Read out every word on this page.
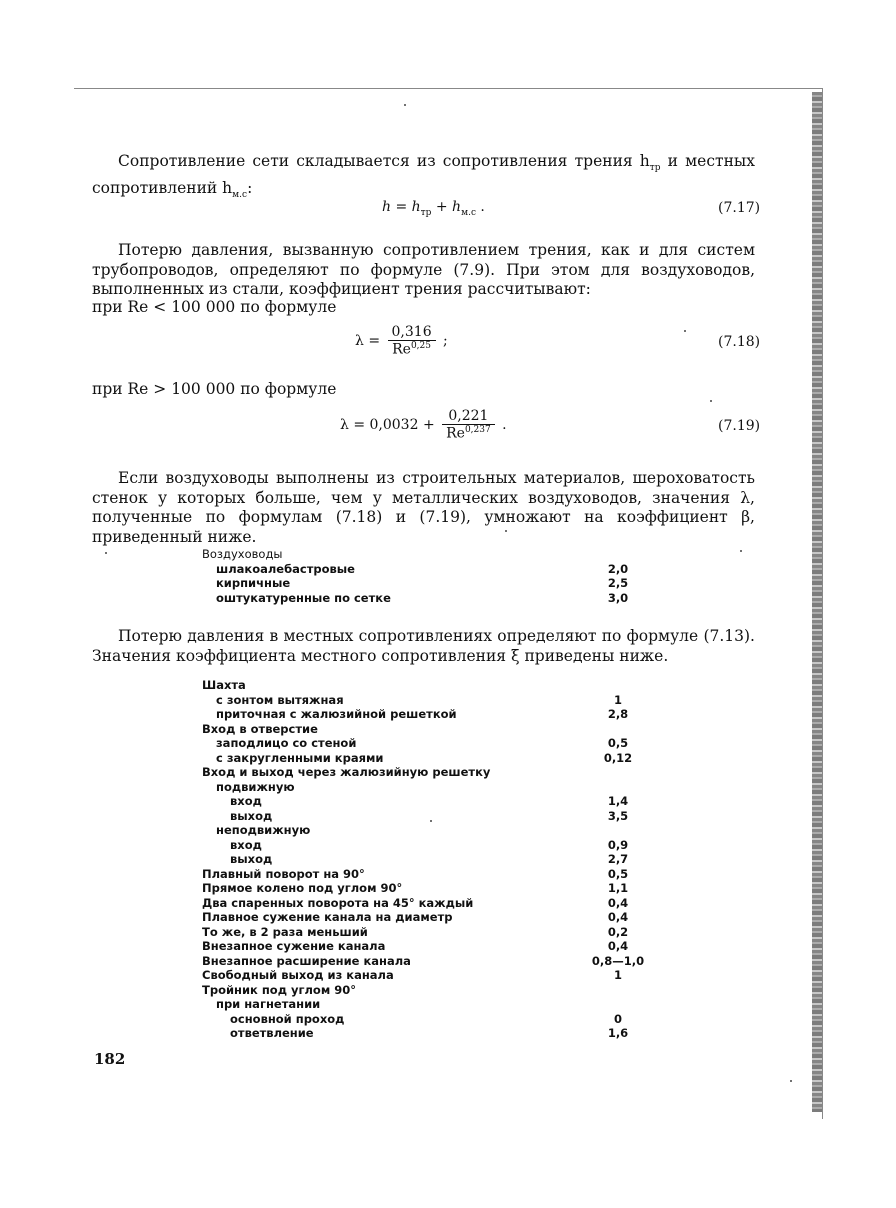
Сопротивление сети складывается из сопротивления трения $h_{тр}$ и местных сопротивлений $h_{м.с}$:

$h = h_{тр} + h_{м.с}$ .	(7.17)

Потерю давления, вызванную сопротивлением трения, как и для систем трубопроводов, определяют по формуле (7.9). При этом для воздуховодов, выполненных из стали, коэффициент трения рассчитывают:

при Re < 100 000 по формуле

$\lambda = \frac{0,316}{Re^{0,25}}$ ;	(7.18)

при Re > 100 000 по формуле

$\lambda = 0,0032 + \frac{0,221}{Re^{0,237}}$ .	(7.19)

Если воздуховоды выполнены из строительных материалов, шероховатость стенок у которых больше, чем у металлических воздуховодов, значения λ, полученные по формулам (7.18) и (7.19), умножают на коэффициент β, приведенный ниже.

Воздуховоды
шлакоалебастровые	2,0
кирпичные	2,5
оштукатуренные по сетке	3,0

Потерю давления в местных сопротивлениях определяют по формуле (7.13). Значения коэффициента местного сопротивления ξ приведены ниже.

Шахта
с зонтом вытяжная	1
приточная с жалюзийной решеткой	2,8
Вход в отверстие
заподлицо со стеной	0,5
с закругленными краями	0,12
Вход и выход через жалюзийную решетку
подвижную
вход	1,4
выход	3,5
неподвижную
вход	0,9
выход	2,7
Плавный поворот на 90°	0,5
Прямое колено под углом 90°	1,1
Два спаренных поворота на 45° каждый	0,4
Плавное сужение канала на диаметр	0,4
То же, в 2 раза меньший	0,2
Внезапное сужение канала	0,4
Внезапное расширение канала	0,8—1,0
Свободный выход из канала	1
Тройник под углом 90°
при нагнетании
основной проход	0
ответвление	1,6
182
